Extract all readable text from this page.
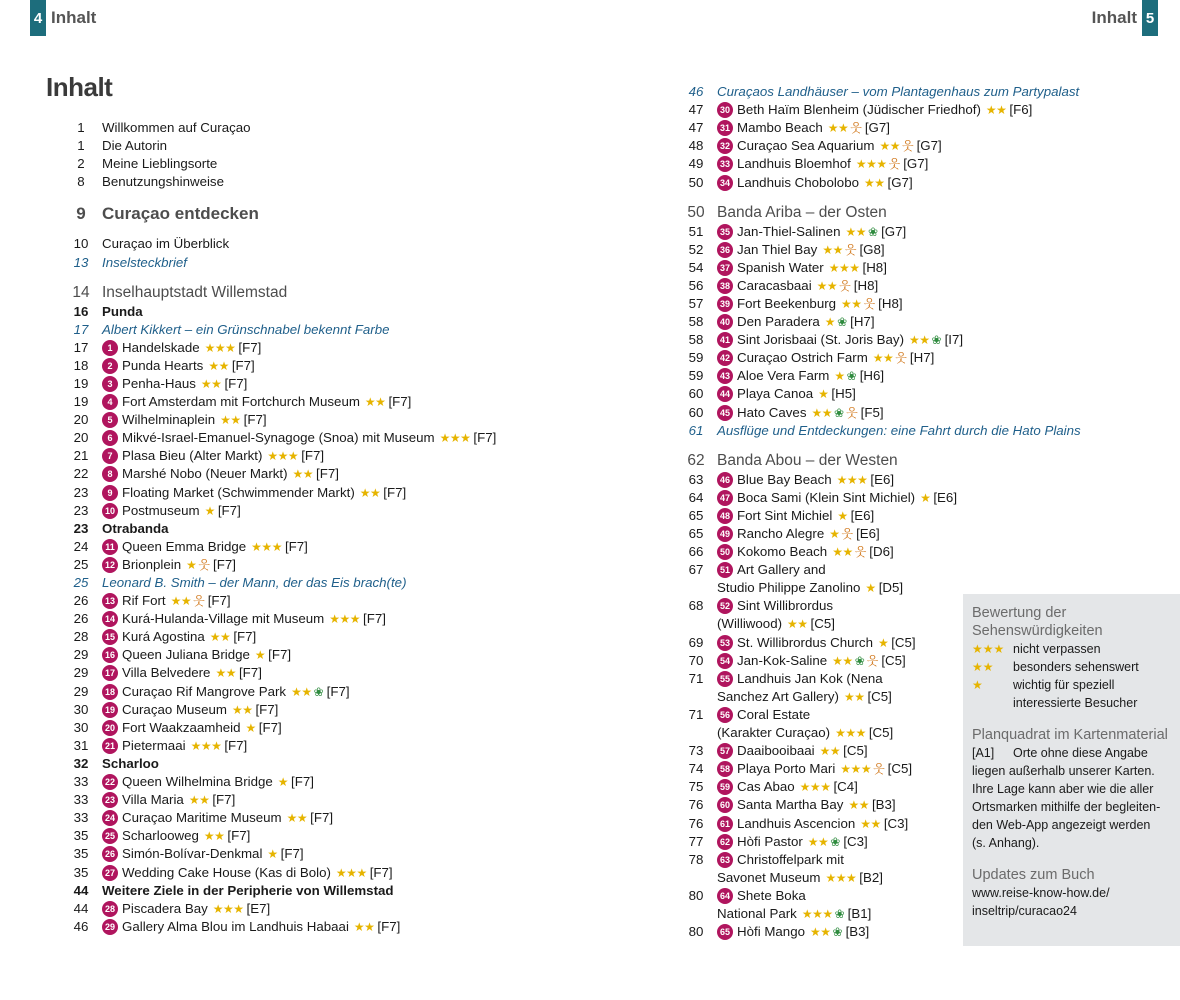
4 Inhalt	Inhalt 5
Inhalt
1	Willkommen auf Curaçao
1	Die Autorin
2	Meine Lieblingsorte
8	Benutzungshinweise
9 Curaçao entdecken
10	Curaçao im Überblick
13	Inselsteckbrief
14 Inselhauptstadt Willemstad
16	Punda
17	Albert Kikkert – ein Grünschnabel bekennt Farbe
17	1 Handelskade ★★★ [F7]
18	2 Punda Hearts ★★ [F7]
19	3 Penha-Haus ★★ [F7]
19	4 Fort Amsterdam mit Fortchurch Museum ★★ [F7]
20	5 Wilhelminaplein ★★ [F7]
20	6 Mikvé-Israel-Emanuel-Synagoge (Snoa) mit Museum ★★★ [F7]
21	7 Plasa Bieu (Alter Markt) ★★★ [F7]
22	8 Marshé Nobo (Neuer Markt) ★★ [F7]
23	9 Floating Market (Schwimmender Markt) ★★ [F7]
23	10 Postmuseum ★ [F7]
23	Otrabanda
24	11 Queen Emma Bridge ★★★ [F7]
25	12 Brionplein ★ 웃 [F7]
25	Leonard B. Smith – der Mann, der das Eis brach(te)
26	13 Rif Fort ★★ 웃 [F7]
26	14 Kurá-Hulanda-Village mit Museum ★★★ [F7]
28	15 Kurá Agostina ★★ [F7]
29	16 Queen Juliana Bridge ★ [F7]
29	17 Villa Belvedere ★★ [F7]
29	18 Curaçao Rif Mangrove Park ★★ ❀ [F7]
30	19 Curaçao Museum ★★ [F7]
30	20 Fort Waakzaamheid ★ [F7]
31	21 Pietermaai ★★★ [F7]
32	Scharloo
33	22 Queen Wilhelmina Bridge ★ [F7]
33	23 Villa Maria ★★ [F7]
33	24 Curaçao Maritime Museum ★★ [F7]
35	25 Scharlooweg ★★ [F7]
35	26 Simón-Bolívar-Denkmal ★ [F7]
35	27 Wedding Cake House (Kas di Bolo) ★★★ [F7]
44	Weitere Ziele in der Peripherie von Willemstad
44	28 Piscadera Bay ★★★ [E7]
46	29 Gallery Alma Blou im Landhuis Habaai ★★ [F7]
46	Curaçaos Landhäuser – vom Plantagenhaus zum Partypalast
47	30 Beth Haïm Blenheim (Jüdischer Friedhof) ★★ [F6]
47	31 Mambo Beach ★★ 웃 [G7]
48	32 Curaçao Sea Aquarium ★★ 웃 [G7]
49	33 Landhuis Bloemhof ★★★ 웃 [G7]
50	34 Landhuis Chobolobo ★★ [G7]
50 Banda Ariba – der Osten
51	35 Jan-Thiel-Salinen ★★ ❀ [G7]
52	36 Jan Thiel Bay ★★ 웃 [G8]
54	37 Spanish Water ★★★ [H8]
56	38 Caracasbaai ★★ 웃 [H8]
57	39 Fort Beekenburg ★★ 웃 [H8]
58	40 Den Paradera ★ ❀ [H7]
58	41 Sint Jorisbaai (St. Joris Bay) ★★ ❀ [I7]
59	42 Curaçao Ostrich Farm ★★ 웃 [H7]
59	43 Aloe Vera Farm ★ ❀ [H6]
60	44 Playa Canoa ★ [H5]
60	45 Hato Caves ★★ ❀ 웃 [F5]
61	Ausflüge und Entdeckungen: eine Fahrt durch die Hato Plains
62 Banda Abou – der Westen
63	46 Blue Bay Beach ★★★ [E6]
64	47 Boca Sami (Klein Sint Michiel) ★ [E6]
65	48 Fort Sint Michiel ★ [E6]
65	49 Rancho Alegre ★ 웃 [E6]
66	50 Kokomo Beach ★★ 웃 [D6]
67	51 Art Gallery and
Studio Philippe Zanolino ★ [D5]
68	52 Sint Willibrordus
(Williwood) ★★ [C5]
69	53 St. Willibrordus Church ★ [C5]
70	54 Jan-Kok-Saline ★★ ❀ 웃 [C5]
71	55 Landhuis Jan Kok (Nena
Sanchez Art Gallery) ★★ [C5]
71	56 Coral Estate
(Karakter Curaçao) ★★★ [C5]
73	57 Daaibooibaai ★★ [C5]
74	58 Playa Porto Mari ★★★ 웃 [C5]
75	59 Cas Abao ★★★ [C4]
76	60 Santa Martha Bay ★★ [B3]
76	61 Landhuis Ascencion ★★ [C3]
77	62 Hòfi Pastor ★★ ❀ [C3]
78	63 Christoffelpark mit
Savonet Museum ★★★ [B2]
80	64 Shete Boka
National Park ★★★ ❀ [B1]
80	65 Hòfi Mango ★★ ❀ [B3]
Bewertung der
Sehenswürdigkeiten
★★★ nicht verpassen
★★	besonders sehenswert
★	wichtig für speziell
interessierte Besucher
Planquadrat im Kartenmaterial
[A1]	Orte ohne diese Angabe
liegen außerhalb unserer Karten.
Ihre Lage kann aber wie die aller
Ortsmarken mithilfe der begleiten-
den Web-App angezeigt werden
(s. Anhang).
Updates zum Buch
www.reise-know-how.de/
inseltrip/curacao24
